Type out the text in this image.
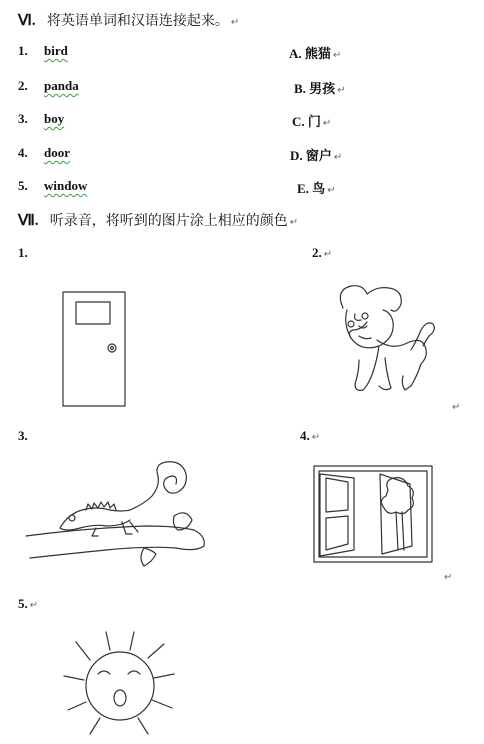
Ⅵ. 将英语单词和汉语连接起来。 ↵
1. bird
2. panda
3. boy
4. door
5. window
A. 熊猫 ↵
B. 男孩 ↵
C. 门 ↵
D. 窗户 ↵
E. 鸟 ↵
Ⅶ. 听录音，将听到的图片涂上相应的颜色 ↵
1.	2. ↵
3.	4. ↵
5. ↵
↵
↵
